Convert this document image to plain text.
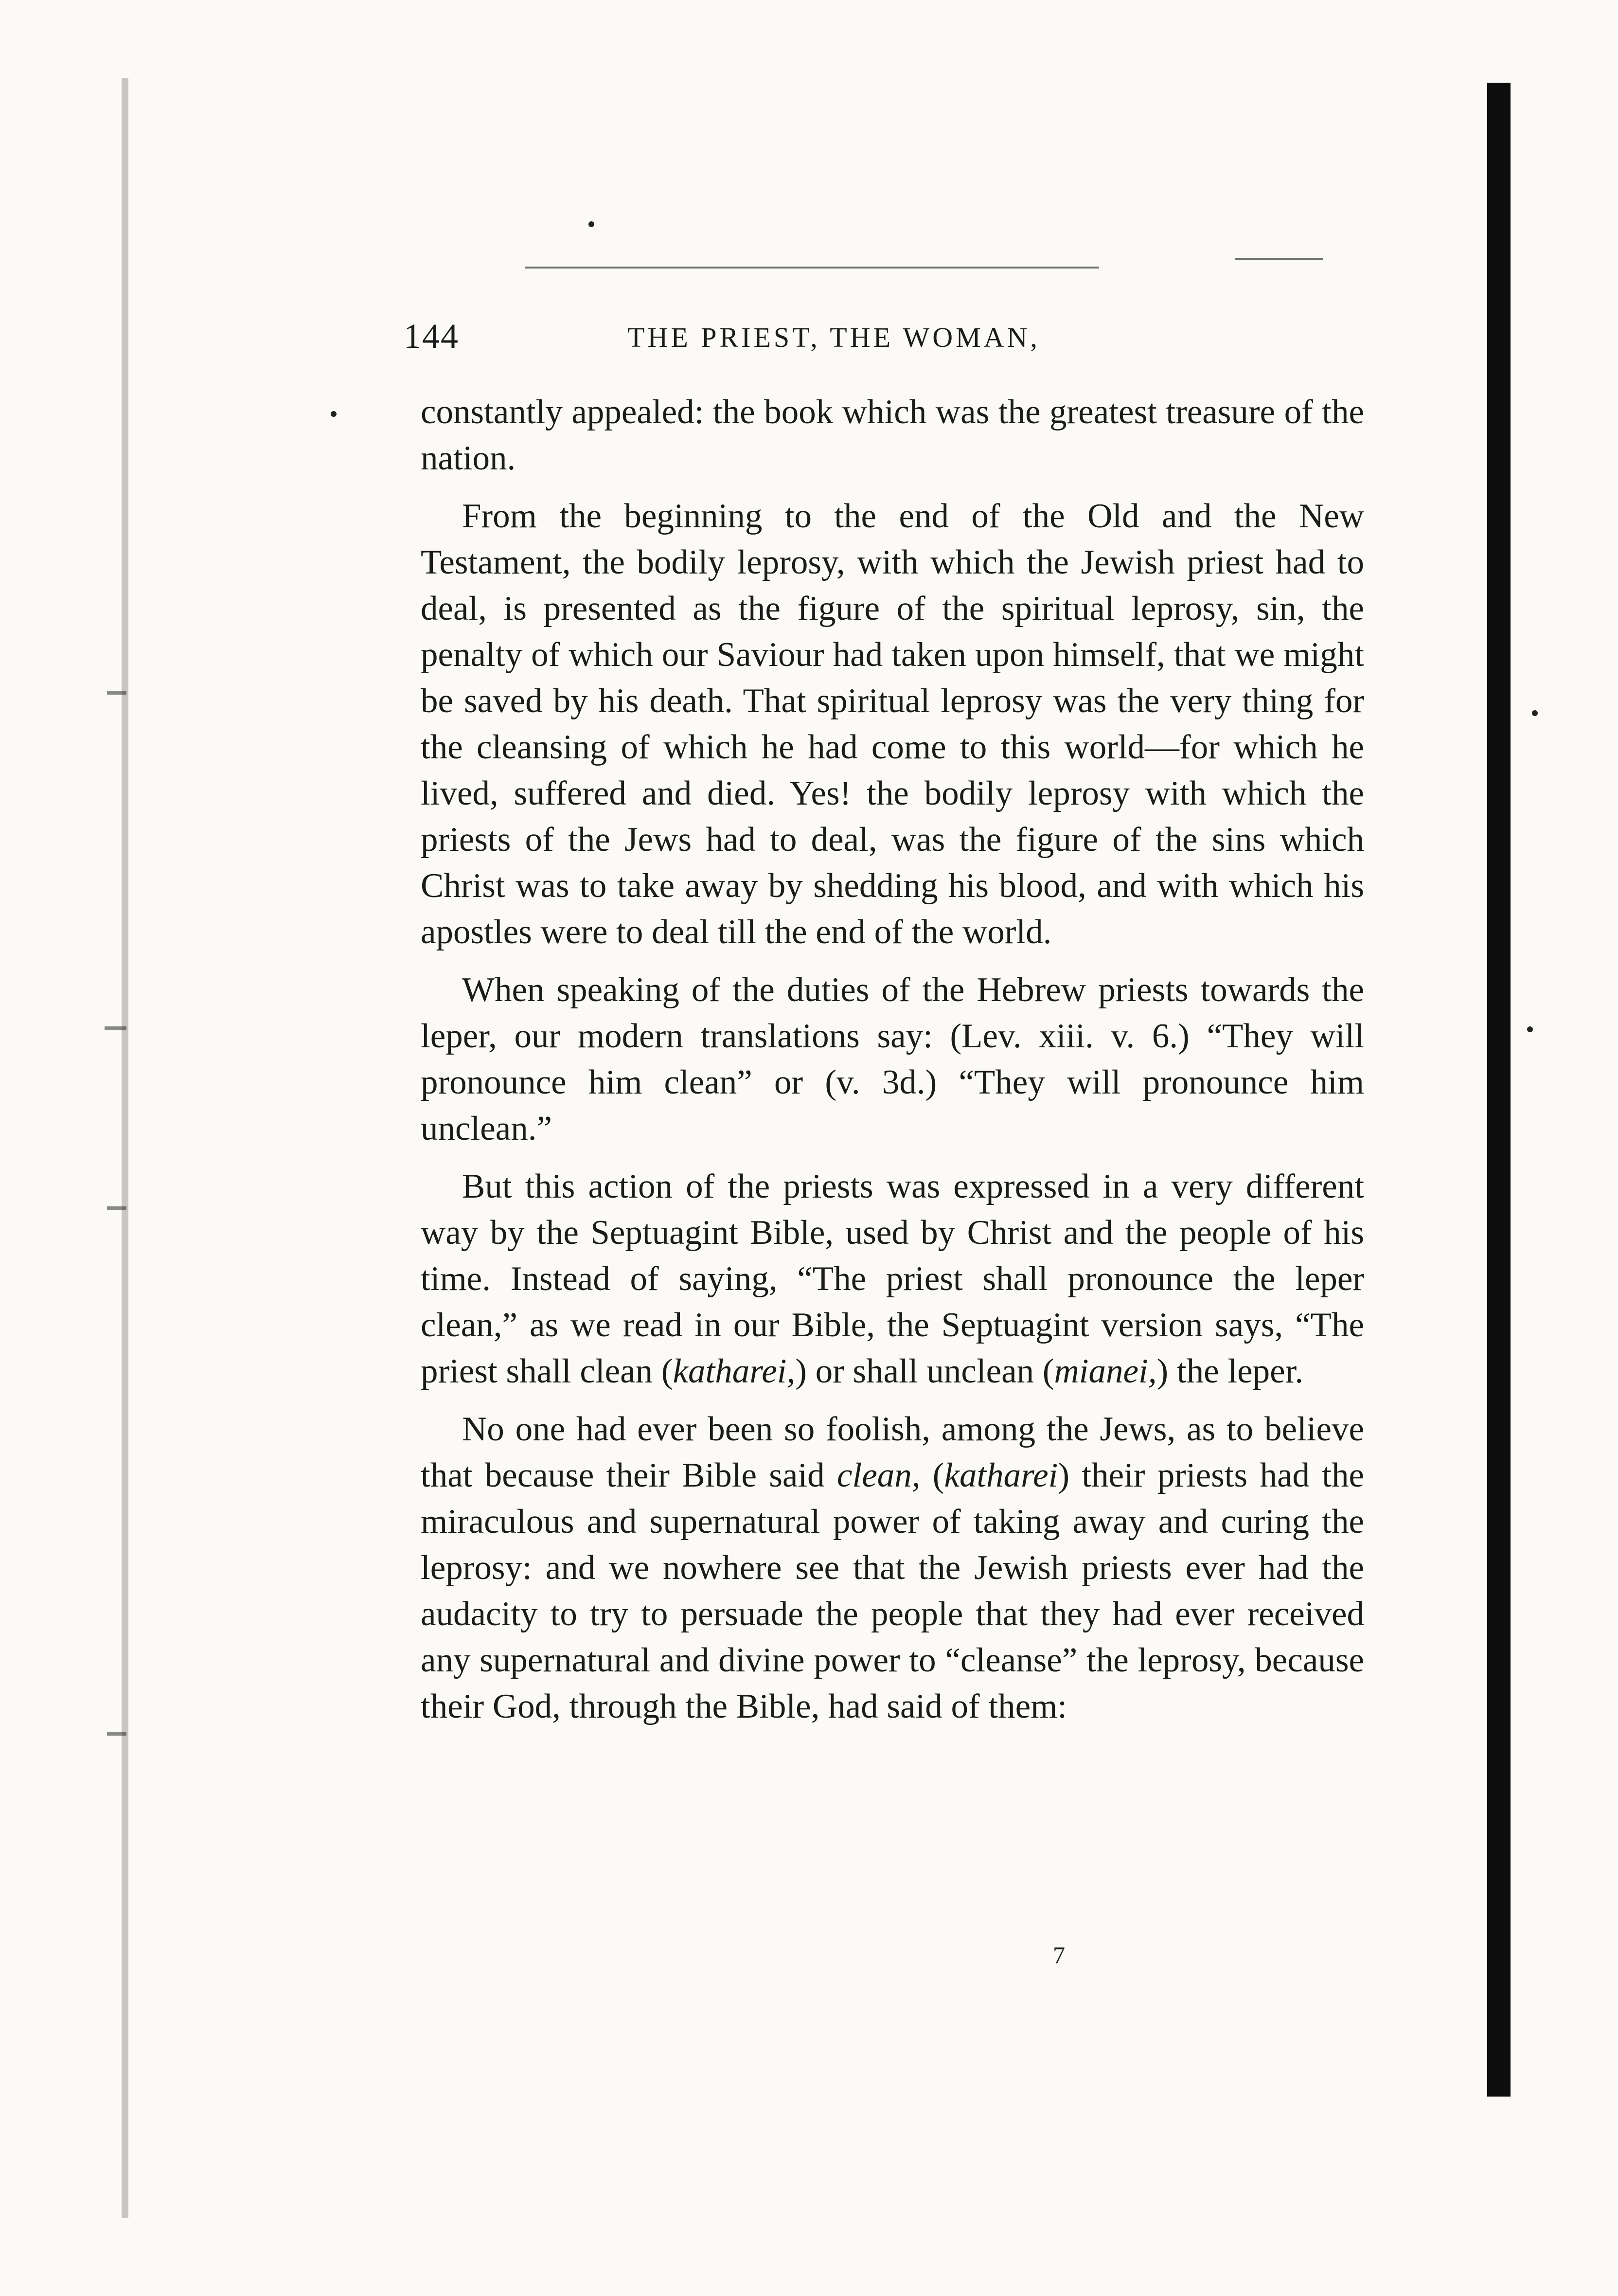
144	THE PRIEST, THE WOMAN,

constantly appealed: the book which was the greatest treasure of the nation.

From the beginning to the end of the Old and the New Testament, the bodily leprosy, with which the Jewish priest had to deal, is presented as the figure of the spiritual leprosy, sin, the penalty of which our Saviour had taken upon himself, that we might be saved by his death. That spiritual leprosy was the very thing for the cleansing of which he had come to this world—for which he lived, suffered and died. Yes! the bodily leprosy with which the priests of the Jews had to deal, was the figure of the sins which Christ was to take away by shedding his blood, and with which his apostles were to deal till the end of the world.

When speaking of the duties of the Hebrew priests towards the leper, our modern translations say: (Lev. xiii. v. 6.) “They will pronounce him clean” or (v. 3d.) “They will pronounce him unclean.”

But this action of the priests was expressed in a very different way by the Septuagint Bible, used by Christ and the people of his time. Instead of saying, “The priest shall pronounce the leper clean,” as we read in our Bible, the Septuagint version says, “The priest shall clean (katharei,) or shall unclean (mianei,) the leper.

No one had ever been so foolish, among the Jews, as to believe that because their Bible said clean, (katharei) their priests had the miraculous and supernatural power of taking away and curing the leprosy: and we nowhere see that the Jewish priests ever had the audacity to try to persuade the people that they had ever received any supernatural and divine power to “cleanse” the leprosy, because their God, through the Bible, had said of them:

7
